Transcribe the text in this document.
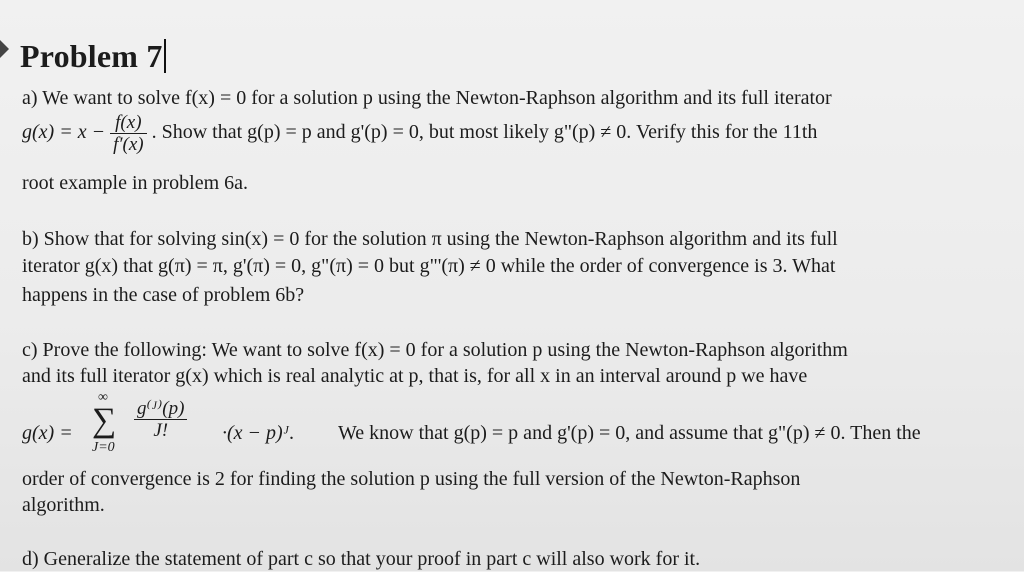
Problem 7
a) We want to solve f(x) = 0 for a solution p using the Newton-Raphson algorithm and its full iterator
$g(x) = x - \frac{f(x)}{f'(x)}$ . Show that g(p) = p and g'(p) = 0, but most likely g"(p) ≠ 0. Verify this for the 11th
root example in problem 6a.
b) Show that for solving sin(x) = 0 for the solution π using the Newton-Raphson algorithm and its full
iterator g(x) that g(π) = π, g'(π) = 0, g"(π) = 0 but g"'(π) ≠ 0 while the order of convergence is 3. What
happens in the case of problem 6b?
c) Prove the following: We want to solve f(x) = 0 for a solution p using the Newton-Raphson algorithm
and its full iterator g(x) which is real analytic at p, that is, for all x in an interval around p we have
g(x) =
∞
∑
J=0
$\frac{\text{g⁽ᴶ⁾(p)}}{J!} \cdot(x$ − p)ᴶ. We know that g(p) = p and g'(p) = 0, and assume that g"(p) ≠ 0. Then the
order of convergence is 2 for finding the solution p using the full version of the Newton-Raphson
algorithm.
d) Generalize the statement of part c so that your proof in part c will also work for it.
